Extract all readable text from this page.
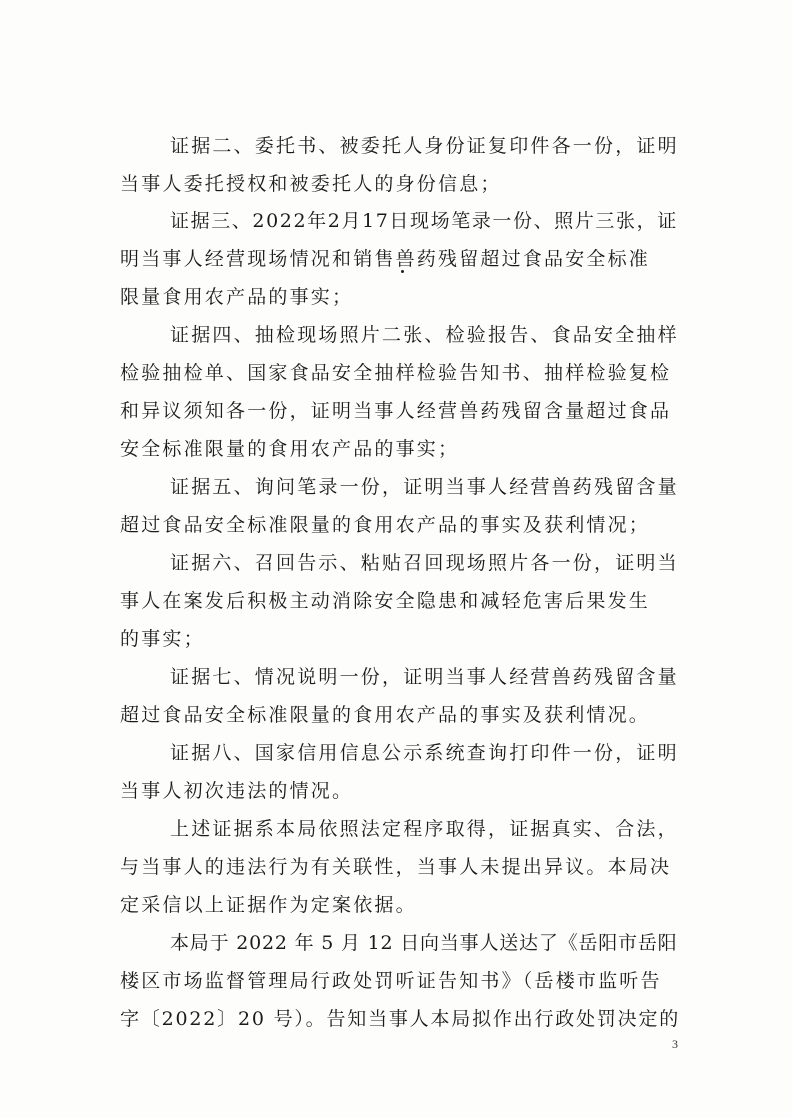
证据二、委托书、被委托人身份证复印件各一份，证明
当事人委托授权和被委托人的身份信息；
证据三、2022年2月17日现场笔录一份、照片三张，证
明当事人经营现场情况和销售兽药残留超过食品安全标准
限量食用农产品的事实；
证据四、抽检现场照片二张、检验报告、食品安全抽样
检验抽检单、国家食品安全抽样检验告知书、抽样检验复检
和异议须知各一份，证明当事人经营兽药残留含量超过食品
安全标准限量的食用农产品的事实；
证据五、询问笔录一份，证明当事人经营兽药残留含量
超过食品安全标准限量的食用农产品的事实及获利情况；
证据六、召回告示、粘贴召回现场照片各一份，证明当
事人在案发后积极主动消除安全隐患和减轻危害后果发生
的事实；
证据七、情况说明一份，证明当事人经营兽药残留含量
超过食品安全标准限量的食用农产品的事实及获利情况。
证据八、国家信用信息公示系统查询打印件一份，证明
当事人初次违法的情况。
上述证据系本局依照法定程序取得，证据真实、合法，
与当事人的违法行为有关联性，当事人未提出异议。本局决
定采信以上证据作为定案依据。
本局于 2022 年 5 月 12 日向当事人送达了《岳阳市岳阳
楼区市场监督管理局行政处罚听证告知书》（岳楼市监听告
字〔2022〕20 号）。告知当事人本局拟作出行政处罚决定的
3
